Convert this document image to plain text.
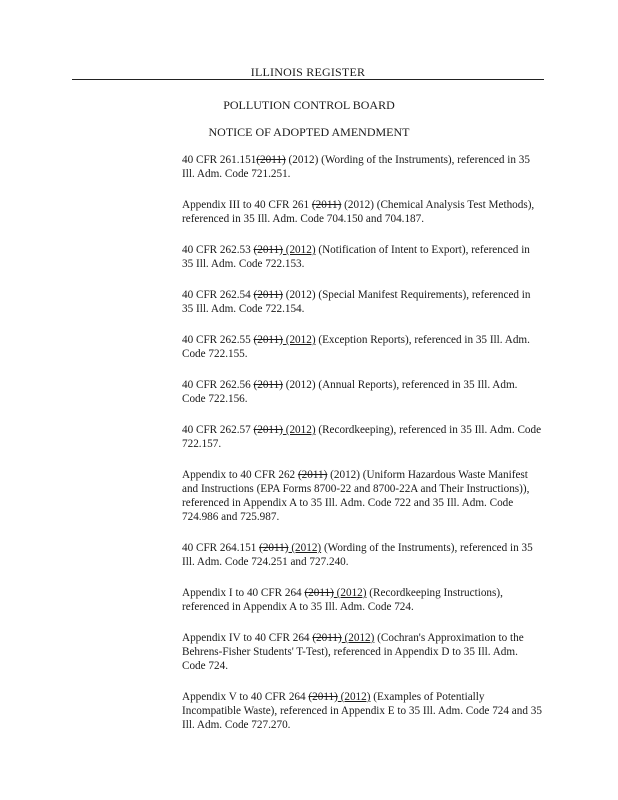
ILLINOIS REGISTER
POLLUTION CONTROL BOARD
NOTICE OF ADOPTED AMENDMENT

40 CFR 261.151(2011) (2012) (Wording of the Instruments), referenced in 35 Ill. Adm. Code 721.251.

Appendix III to 40 CFR 261 (2011) (2012) (Chemical Analysis Test Methods), referenced in 35 Ill. Adm. Code 704.150 and 704.187.

40 CFR 262.53 (2011) (2012) (Notification of Intent to Export), referenced in 35 Ill. Adm. Code 722.153.

40 CFR 262.54 (2011) (2012) (Special Manifest Requirements), referenced in 35 Ill. Adm. Code 722.154.

40 CFR 262.55 (2011) (2012) (Exception Reports), referenced in 35 Ill. Adm. Code 722.155.

40 CFR 262.56 (2011) (2012) (Annual Reports), referenced in 35 Ill. Adm. Code 722.156.

40 CFR 262.57 (2011) (2012) (Recordkeeping), referenced in 35 Ill. Adm. Code 722.157.

Appendix to 40 CFR 262 (2011) (2012) (Uniform Hazardous Waste Manifest and Instructions (EPA Forms 8700-22 and 8700-22A and Their Instructions)), referenced in Appendix A to 35 Ill. Adm. Code 722 and 35 Ill. Adm. Code 724.986 and 725.987.

40 CFR 264.151 (2011) (2012) (Wording of the Instruments), referenced in 35 Ill. Adm. Code 724.251 and 727.240.

Appendix I to 40 CFR 264 (2011) (2012) (Recordkeeping Instructions), referenced in Appendix A to 35 Ill. Adm. Code 724.

Appendix IV to 40 CFR 264 (2011) (2012) (Cochran's Approximation to the Behrens-Fisher Students' T-Test), referenced in Appendix D to 35 Ill. Adm. Code 724.

Appendix V to 40 CFR 264 (2011) (2012) (Examples of Potentially Incompatible Waste), referenced in Appendix E to 35 Ill. Adm. Code 724 and 35 Ill. Adm. Code 727.270.
